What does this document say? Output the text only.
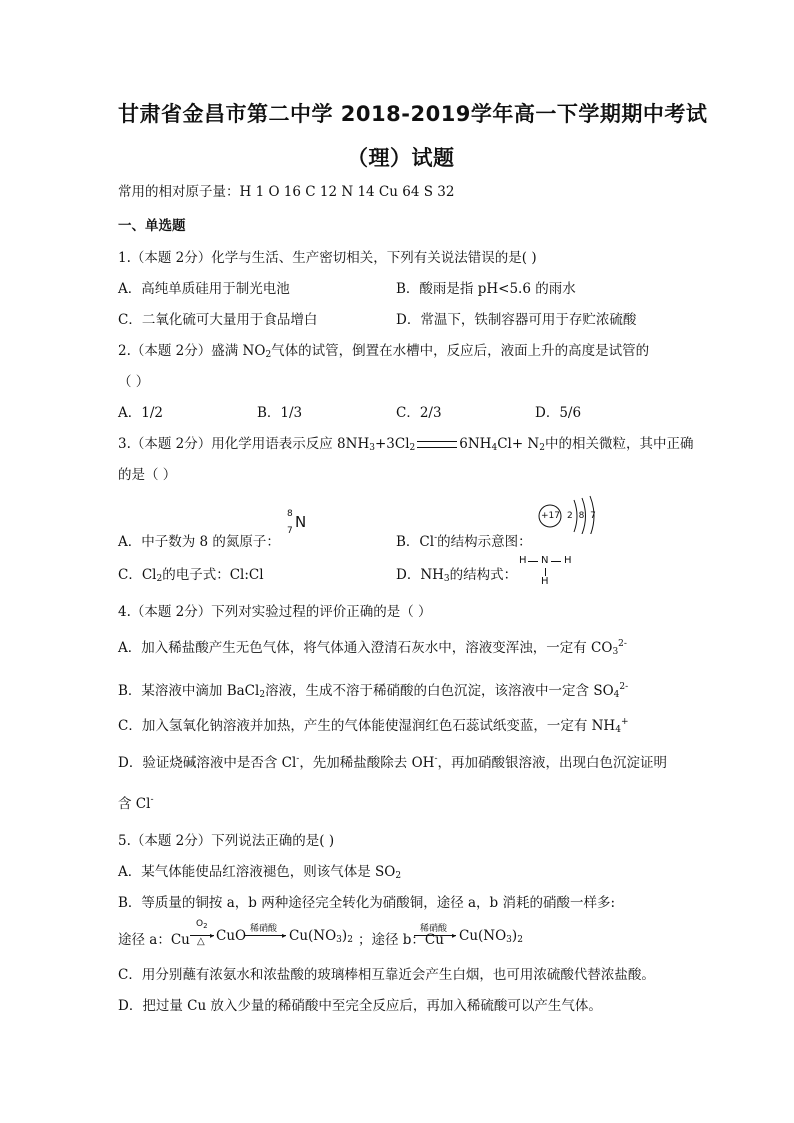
甘肃省金昌市第二中学 2018-2019学年高一下学期期中考试
（理）试题
常用的相对原子量：H 1 O 16 C 12 N 14 Cu 64 S 32
一、单选题
1.（本题 2分）化学与生活、生产密切相关，下列有关说法错误的是( )
A．高纯单质硅用于制光电池	B．酸雨是指 pH<5.6 的雨水
C．二氧化硫可大量用于食品增白	D．常温下，铁制容器可用于存贮浓硫酸
2.（本题 2分）盛满 $NO_2$气体的试管，倒置在水槽中，反应后，液面上升的高度是试管的
（ ）
A．1/2	B．1/3	C．2/3	D．5/6
3.（本题 2分）用化学用语表示反应 $8NH_3+3Cl_2$	$6NH_4Cl+ N_2$中的相关微粒，其中正确
的是（ ）
A．中子数为 8 的氮原子：
8
7 N
B．Cl-的结构示意图：
+17 2 8 7
C．$Cl_2$的电子式：Cl:Cl	D．$NH_3$的结构式：
H N H
H
4.（本题 2分）下列对实验过程的评价正确的是（ ）
A．加入稀盐酸产生无色气体，将气体通入澄清石灰水中，溶液变浑浊，一定有 $CO_3^{2-}$
B．某溶液中滴加 BaCl$_2$溶液，生成不溶于稀硝酸的白色沉淀，该溶液中一定含 $SO_4^{2-}$
C．加入氢氧化钠溶液并加热，产生的气体能使湿润红色石蕊试纸变蓝，一定有 $NH_4^+$
D．验证烧碱溶液中是否含 Cl-，先加稀盐酸除去 OH-，再加硝酸银溶液，出现白色沉淀证明
含 Cl-
5.（本题 2分）下列说法正确的是( )
A．某气体能使品红溶液褪色，则该气体是 $SO_2$
B．等质量的铜按 a，b 两种途径完全转化为硝酸铜，途径 a，b 消耗的硝酸一样多:
途径 a：Cu
$O_2$
▸
△ CuO 稀硝酸
▸ $Cu(NO_3)_2$ ；途径 b：Cu
稀硝酸
▸ $Cu(NO_3)_2$
C．用分别蘸有浓氨水和浓盐酸的玻璃棒相互靠近会产生白烟，也可用浓硫酸代替浓盐酸。
D．把过量 Cu 放入少量的稀硝酸中至完全反应后，再加入稀硫酸可以产生气体。
